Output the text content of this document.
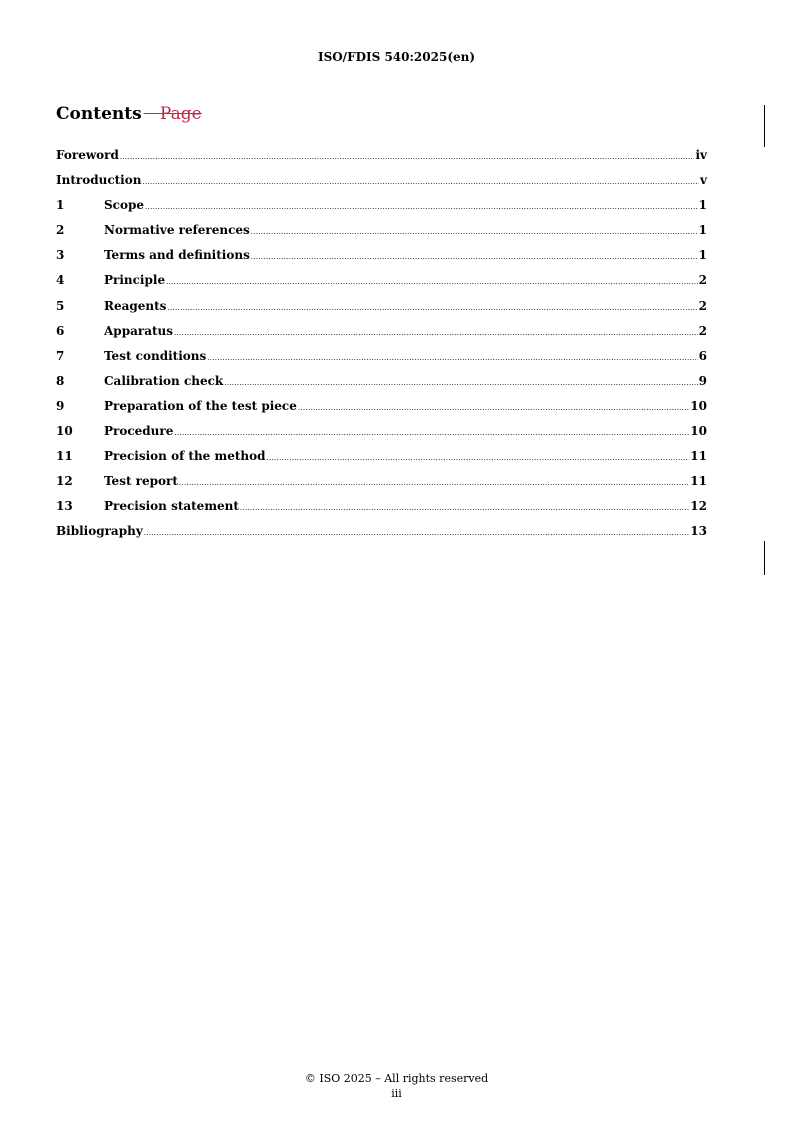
ISO/FDIS 540:2025(en)
Contents Page
Foreword .....	iv
Introduction .....	v
1	Scope .....	1
2	Normative references .....	1
3	Terms and definitions .....	1
4	Principle .....	2
5	Reagents .....	2
6	Apparatus .....	2
7	Test conditions .....	6
8	Calibration check .....	9
9	Preparation of the test piece .....	10
10	Procedure .....	10
11	Precision of the method .....	11
12	Test report .....	11
13	Precision statement .....	12
Bibliography .....	13
© ISO 2025 – All rights reserved
iii
